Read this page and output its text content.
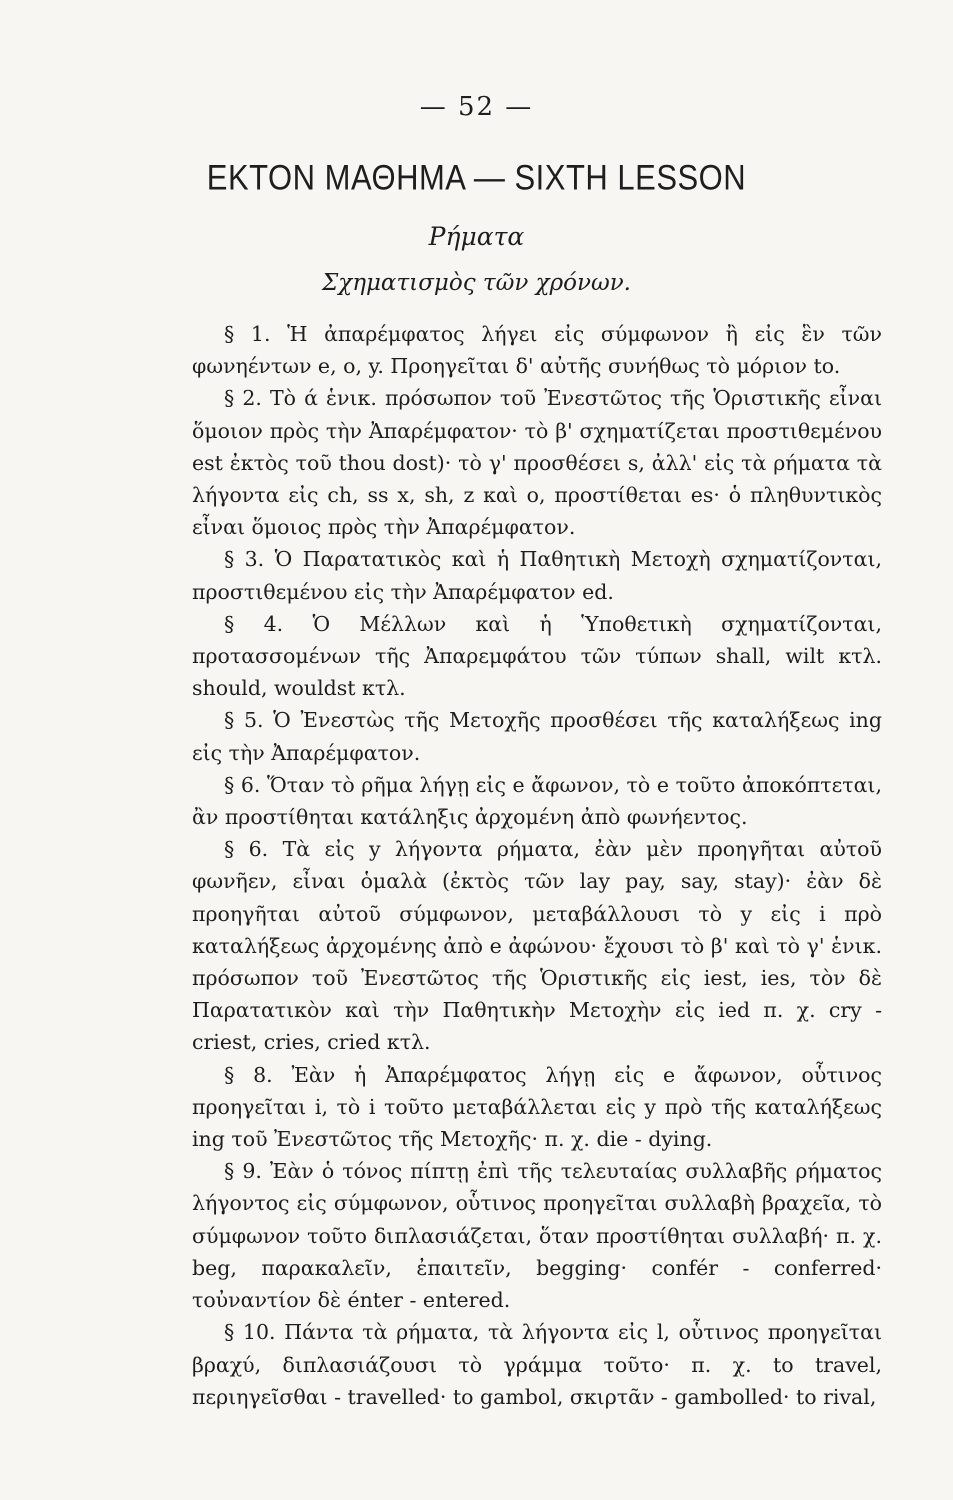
— 52 —
ΕΚΤΟΝ ΜΑΘΗΜΑ — SIXTH LESSON
Ρήματα
Σχηματισμὸς τῶν χρόνων.

§ 1. Ἡ ἀπαρέμφατος λήγει εἰς σύμφωνον ἢ εἰς ἓν τῶν φωνηέντων e, o, y. Προηγεῖται δ' αὐτῆς συνήθως τὸ μόριον to.

§ 2. Τὸ ά ἑνικ. πρόσωπον τοῦ Ἐνεστῶτος τῆς Ὁριστικῆς εἶναι ὅμοιον πρὸς τὴν Ἀπαρέμφατον· τὸ β' σχηματίζεται προστιθεμένου est ἐκτὸς τοῦ thou dost)· τὸ γ' προσθέσει s, ἀλλ' εἰς τὰ ρήματα τὰ λήγοντα εἰς ch, ss x, sh, z καὶ o, προστίθεται es· ὁ πληθυντικὸς εἶναι ὅμοιος πρὸς τὴν Ἀπαρέμφατον.

§ 3. Ὁ Παρατατικὸς καὶ ἡ Παθητικὴ Μετοχὴ σχηματίζονται, προστιθεμένου εἰς τὴν Ἀπαρέμφατον ed.

§ 4. Ὁ Μέλλων καὶ ἡ Ὑποθετικὴ σχηματίζονται, προτασσομένων τῆς Ἀπαρεμφάτου τῶν τύπων shall, wilt κτλ. should, wouldst κτλ.

§ 5. Ὁ Ἐνεστὼς τῆς Μετοχῆς προσθέσει τῆς καταλήξεως ing εἰς τὴν Ἀπαρέμφατον.

§ 6. Ὅταν τὸ ρῆμα λήγῃ εἰς e ἄφωνον, τὸ e τοῦτο ἀποκόπτεται, ἂν προστίθηται κατάληξις ἀρχομένη ἀπὸ φωνήεντος.

§ 6. Τὰ εἰς y λήγοντα ρήματα, ἐὰν μὲν προηγῆται αὐτοῦ φωνῆεν, εἶναι ὁμαλὰ (ἐκτὸς τῶν lay pay, say, stay)· ἐὰν δὲ προηγῆται αὐτοῦ σύμφωνον, μεταβάλλουσι τὸ y εἰς i πρὸ καταλήξεως ἀρχομένης ἀπὸ e ἀφώνου· ἔχουσι τὸ β' καὶ τὸ γ' ἑνικ. πρόσωπον τοῦ Ἐνεστῶτος τῆς Ὁριστικῆς εἰς iest, ies, τὸν δὲ Παρατατικὸν καὶ τὴν Παθητικὴν Μετοχὴν εἰς ied π. χ. cry - criest, cries, cried κτλ.

§ 8. Ἐὰν ἡ Ἀπαρέμφατος λήγῃ εἰς e ἄφωνον, οὗτινος προηγεῖται i, τὸ i τοῦτο μεταβάλλεται εἰς y πρὸ τῆς καταλήξεως ing τοῦ Ἐνεστῶτος τῆς Μετοχῆς· π. χ. die - dying.

§ 9. Ἐὰν ὁ τόνος πίπτῃ ἐπὶ τῆς τελευταίας συλλαβῆς ρήματος λήγοντος εἰς σύμφωνον, οὗτινος προηγεῖται συλλαβὴ βραχεῖα, τὸ σύμφωνον τοῦτο διπλασιάζεται, ὅταν προστίθηται συλλαβή· π. χ. beg, παρακαλεῖν, ἐπαιτεῖν, begging· confér - conferred· τοὐναντίον δὲ énter - entered.

§ 10. Πάντα τὰ ρήματα, τὰ λήγοντα εἰς l, οὗτινος προηγεῖται βραχύ, διπλασιάζουσι τὸ γράμμα τοῦτο· π. χ. to travel, περιηγεῖσθαι - travelled· to gambol, σκιρτᾶν - gambolled· to rival,
